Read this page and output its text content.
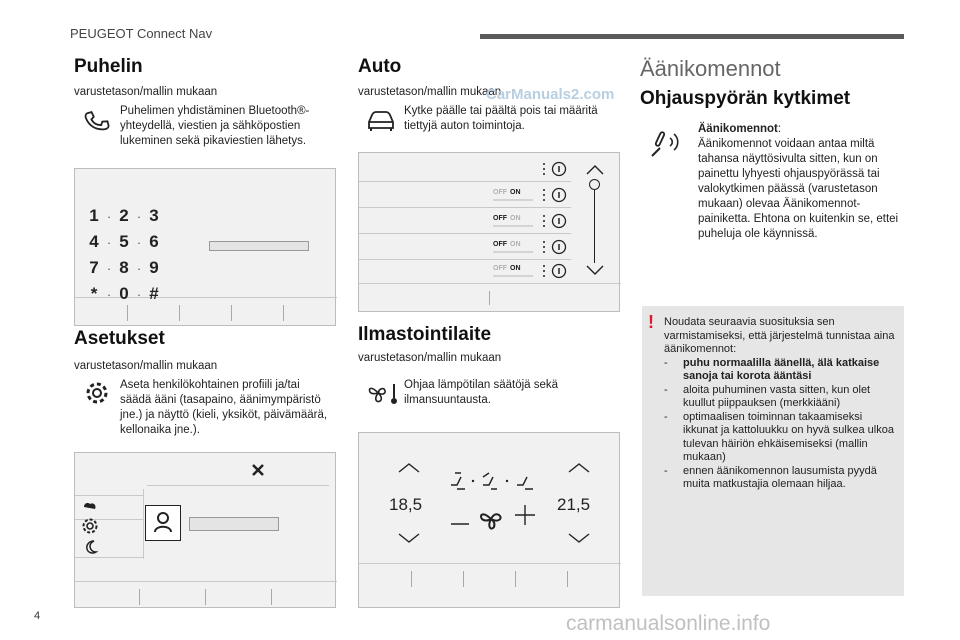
PEUGEOT Connect Nav
Puhelin
varustetason/mallin mukaan
Puhelimen yhdistäminen Bluetooth®-yhteydellä, viestien ja sähköpostien lukeminen sekä pikaviestien lähetys.
1 · 2 · 3
4 · 5 · 6
7 · 8 · 9
* · 0 · #
Asetukset
varustetason/mallin mukaan
Aseta henkilökohtainen profiili ja/tai säädä ääni (tasapaino, äänimympäristö jne.) ja näyttö (kieli, yksiköt, päivämäärä, kellonaika jne.).
Auto
varustetason/mallin mukaan
Kytke päälle tai päältä pois tai määritä tiettyjä auton toimintoja.
OFF ON
OFF ON
OFF ON
OFF ON
Ilmastointilaite
varustetason/mallin mukaan
Ohjaa lämpötilan säätöjä sekä ilmansuuntausta.
18,5	21,5
Äänikomennot
Ohjauspyörän kytkimet
Äänikomennot:
Äänikomennot voidaan antaa miltä tahansa näyttösivulta sitten, kun on painettu lyhyesti ohjauspyörässä tai valokytkimen päässä (varustetason mukaan) olevaa Äänikomennot-painiketta. Ehtona on kuitenkin se, ettei puheluja ole käynnissä.
! Noudata seuraavia suosituksia sen varmistamiseksi, että järjestelmä tunnistaa aina äänikomennot:
- puhu normaalilla äänellä, älä katkaise sanoja tai korota ääntäsi
- aloita puhuminen vasta sitten, kun olet kuullut piippauksen (merkkiääni)
- optimaalisen toiminnan takaamiseksi ikkunat ja kattoluukku on hyvä sulkea ulkoa tulevan häiriön ehkäisemiseksi (mallin mukaan)
- ennen äänikomennon lausumista pyydä muita matkustajia olemaan hiljaa.
4
CarManuals2.com
carmanualsonline.info
